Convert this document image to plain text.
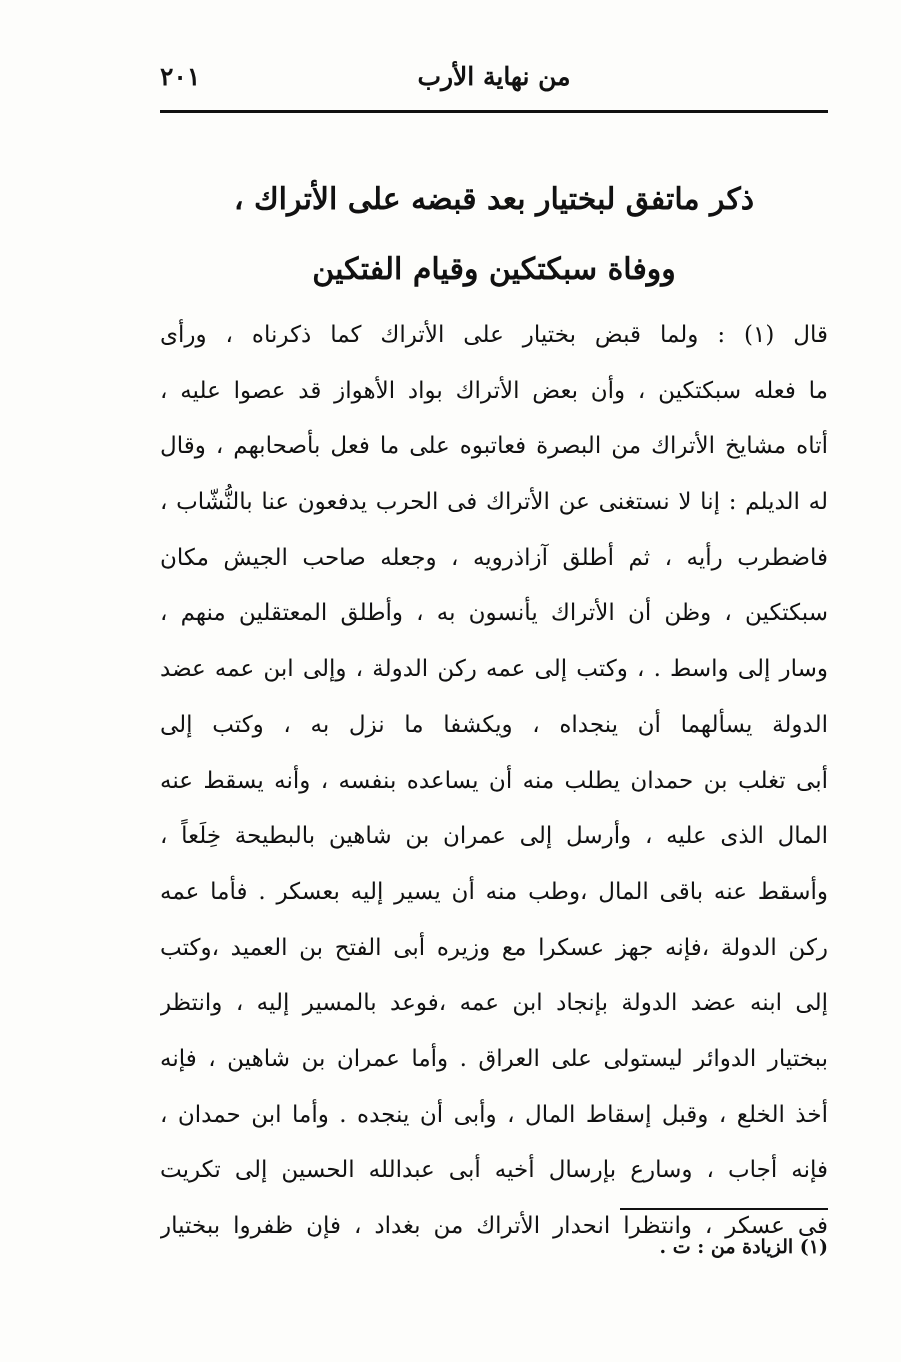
من نهاية الأرب
٢٠١
ذكر ماتفق لبختيار بعد قبضه على الأتراك ،
ووفاة سبكتكين وقيام الفتكين
قال (١) : ولما قبض بختيار على الأتراك كما ذكرناه ، ورأى
ما فعله سبكتكين ، وأن بعض الأتراك بواد الأهواز قد عصوا عليه ،
أتاه مشايخ الأتراك من البصرة فعاتبوه على ما فعل بأصحابهم ، وقال
له الديلم : إنا لا نستغنى عن الأتراك فى الحرب يدفعون عنا بالنُّشّاب ،
فاضطرب رأيه ، ثم أطلق آزاذرويه ، وجعله صاحب الجيش مكان
سبكتكين ، وظن أن الأتراك يأنسون به ، وأطلق المعتقلين منهم ،
وسار إلى واسط . ، وكتب إلى عمه ركن الدولة ، وإلى ابن عمه عضد
الدولة يسألهما أن ينجداه ، ويكشفا ما نزل به ، وكتب إلى
أبى تغلب بن حمدان يطلب منه أن يساعده بنفسه ، وأنه يسقط عنه
المال الذى عليه ، وأرسل إلى عمران بن شاهين بالبطيحة خِلَعاً ،
وأسقط عنه باقى المال ،وطب منه أن يسير إليه بعسكر . فأما عمه
ركن الدولة ،فإنه جهز عسكرا مع وزيره أبى الفتح بن العميد ،وكتب
إلى ابنه عضد الدولة بإنجاد ابن عمه ،فوعد بالمسير إليه ، وانتظر
ببختيار الدوائر ليستولى على العراق . وأما عمران بن شاهين ، فإنه
أخذ الخلع ، وقبل إسقاط المال ، وأبى أن ينجده . وأما ابن حمدان ،
فإنه أجاب ، وسارع بإرسال أخيه أبى عبدالله الحسين إلى تكريت
فى عسكر ، وانتظرا انحدار الأتراك من بغداد ، فإن ظفروا ببختيار
(١) الزيادة من : ت .
